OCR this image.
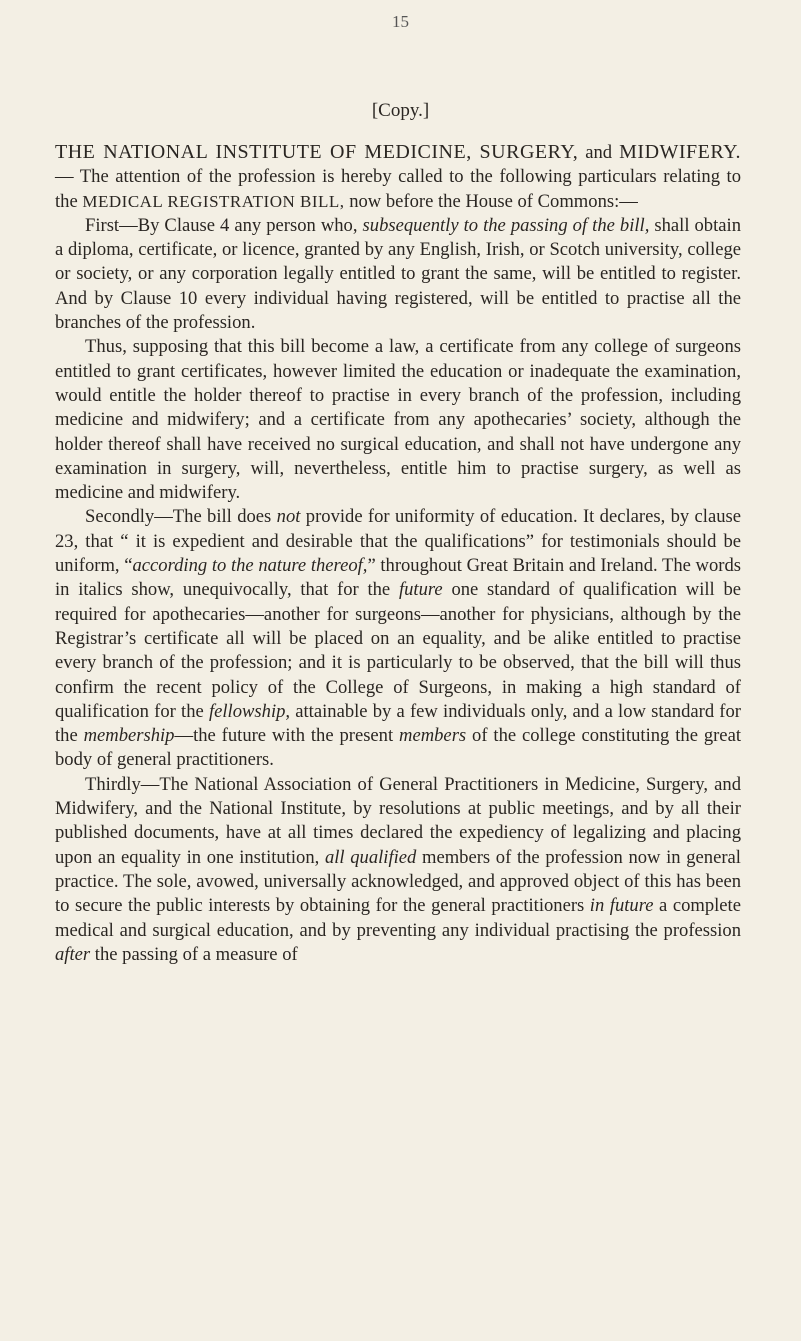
15
[Copy.]

THE NATIONAL INSTITUTE OF MEDICINE, SURGERY, and MIDWIFERY.— The attention of the profession is hereby called to the following particulars relating to the MEDICAL REGISTRATION BILL, now before the House of Commons:—

First—By Clause 4 any person who, subsequently to the passing of the bill, shall obtain a diploma, certificate, or licence, granted by any English, Irish, or Scotch university, college or society, or any corporation legally entitled to grant the same, will be entitled to register. And by Clause 10 every individual having registered, will be entitled to practise all the branches of the profession.

Thus, supposing that this bill become a law, a certificate from any college of surgeons entitled to grant certificates, however limited the education or inadequate the examination, would entitle the holder thereof to practise in every branch of the profession, including medicine and midwifery; and a certificate from any apothecaries’ society, although the holder thereof shall have received no surgical education, and shall not have undergone any examination in surgery, will, nevertheless, entitle him to practise surgery, as well as medicine and midwifery.

Secondly—The bill does not provide for uniformity of education. It declares, by clause 23, that “ it is expedient and desirable that the qualifications” for testimonials should be uniform, “according to the nature thereof,” throughout Great Britain and Ireland. The words in italics show, unequivocally, that for the future one standard of qualification will be required for apothecaries—another for surgeons—another for physicians, although by the Registrar’s certificate all will be placed on an equality, and be alike entitled to practise every branch of the profession; and it is particularly to be observed, that the bill will thus confirm the recent policy of the College of Surgeons, in making a high standard of qualification for the fellowship, attainable by a few individuals only, and a low standard for the membership—the future with the present members of the college constituting the great body of general practitioners.

Thirdly—The National Association of General Practitioners in Medicine, Surgery, and Midwifery, and the National Institute, by resolutions at public meetings, and by all their published documents, have at all times declared the expediency of legalizing and placing upon an equality in one institution, all qualified members of the profession now in general practice. The sole, avowed, universally acknowledged, and approved object of this has been to secure the public interests by obtaining for the general practitioners in future a complete medical and surgical education, and by preventing any individual practising the profession after the passing of a measure of
